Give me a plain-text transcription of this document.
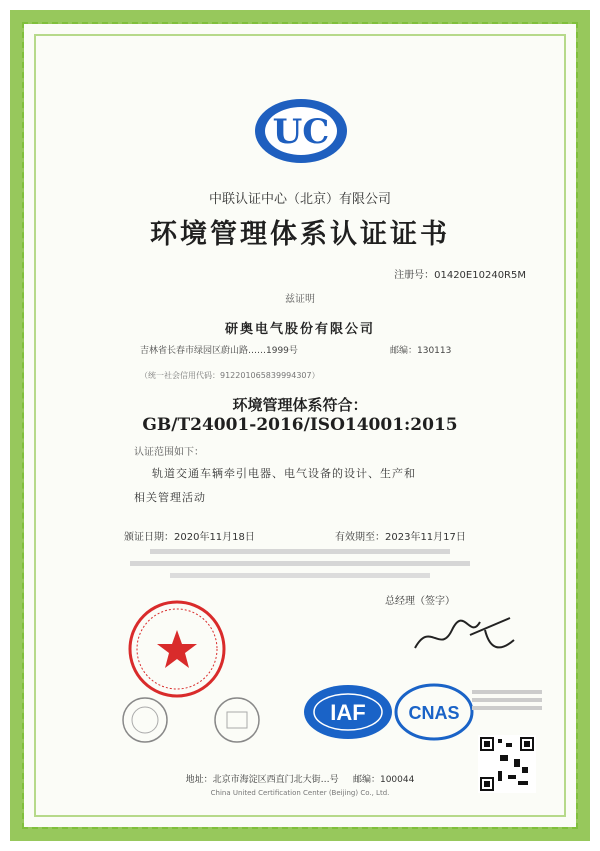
UC
中联认证中心（北京）有限公司
环境管理体系认证证书
注册号：01420E10240R5M
兹证明
研奥电气股份有限公司
吉林省长春市绿园区蔚山路……1999号	邮编：130113
（统一社会信用代码：912201065839994307）
环境管理体系符合：
GB/T24001-2016/ISO14001:2015
认证范围如下：
轨道交通车辆牵引电器、电气设备的设计、生产和
相关管理活动
颁证日期：2020年11月18日	有效期至：2023年11月17日
总经理（签字）
IAF CNAS
地址：北京市海淀区西直门北大街…号 邮编：100044
China United Certification Center (Beijing) Co., Ltd.
